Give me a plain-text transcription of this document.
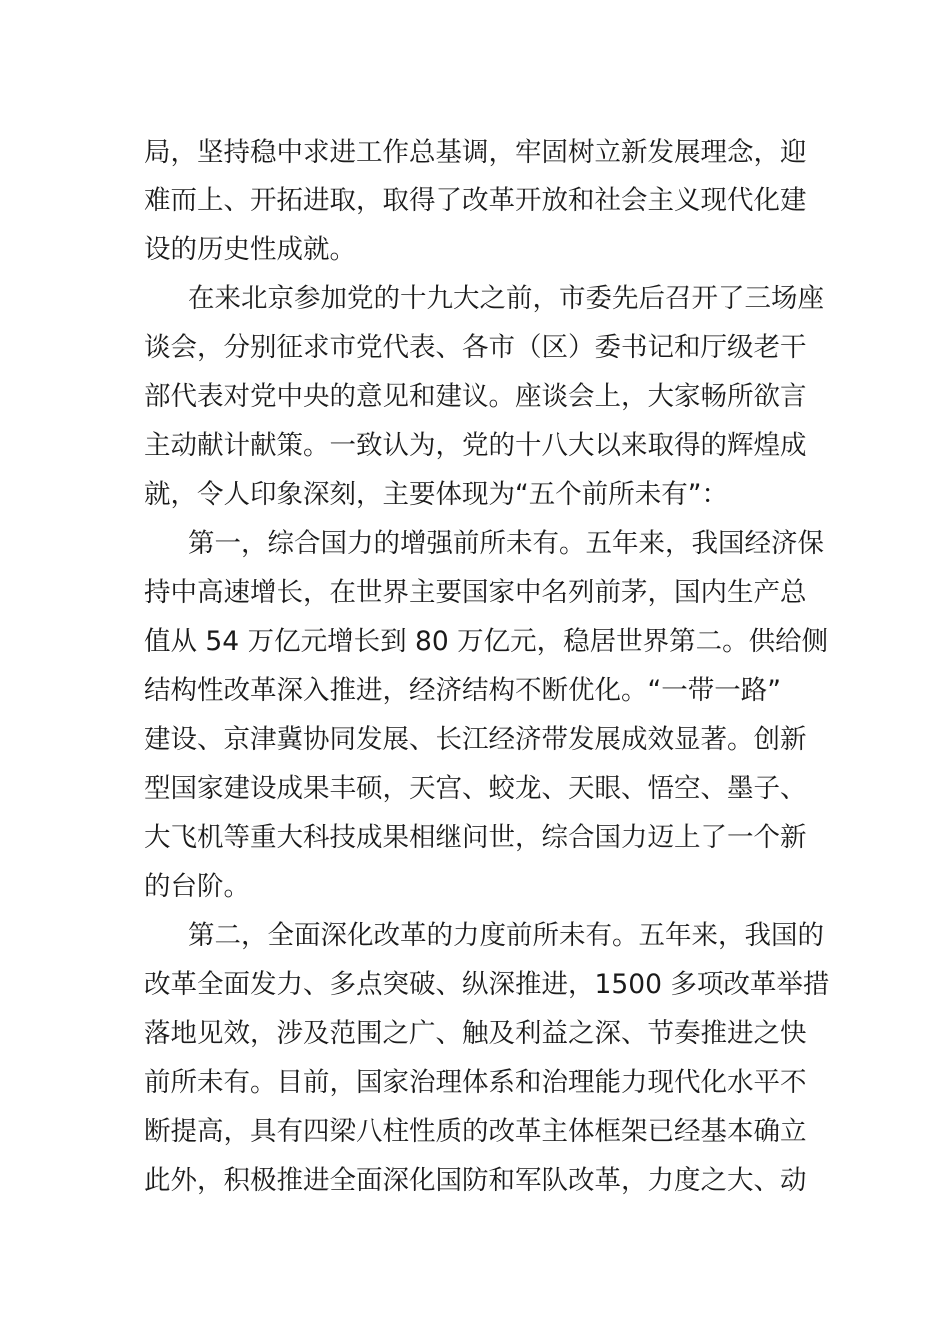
局，坚持稳中求进工作总基调，牢固树立新发展理念，迎
难而上、开拓进取，取得了改革开放和社会主义现代化建
设的历史性成就。
在来北京参加党的十九大之前，市委先后召开了三场座
谈会，分别征求市党代表、各市（区）委书记和厅级老干
部代表对党中央的意见和建议。座谈会上，大家畅所欲言
主动献计献策。一致认为，党的十八大以来取得的辉煌成
就，令人印象深刻，主要体现为“五个前所未有”：
第一，综合国力的增强前所未有。五年来，我国经济保
持中高速增长，在世界主要国家中名列前茅，国内生产总
值从 54 万亿元增长到 80 万亿元，稳居世界第二。供给侧
结构性改革深入推进，经济结构不断优化。“一带一路”
建设、京津冀协同发展、长江经济带发展成效显著。创新
型国家建设成果丰硕，天宫、蛟龙、天眼、悟空、墨子、
大飞机等重大科技成果相继问世，综合国力迈上了一个新
的台阶。
第二，全面深化改革的力度前所未有。五年来，我国的
改革全面发力、多点突破、纵深推进，1500 多项改革举措
落地见效，涉及范围之广、触及利益之深、节奏推进之快
前所未有。目前，国家治理体系和治理能力现代化水平不
断提高，具有四梁八柱性质的改革主体框架已经基本确立
此外，积极推进全面深化国防和军队改革，力度之大、动
